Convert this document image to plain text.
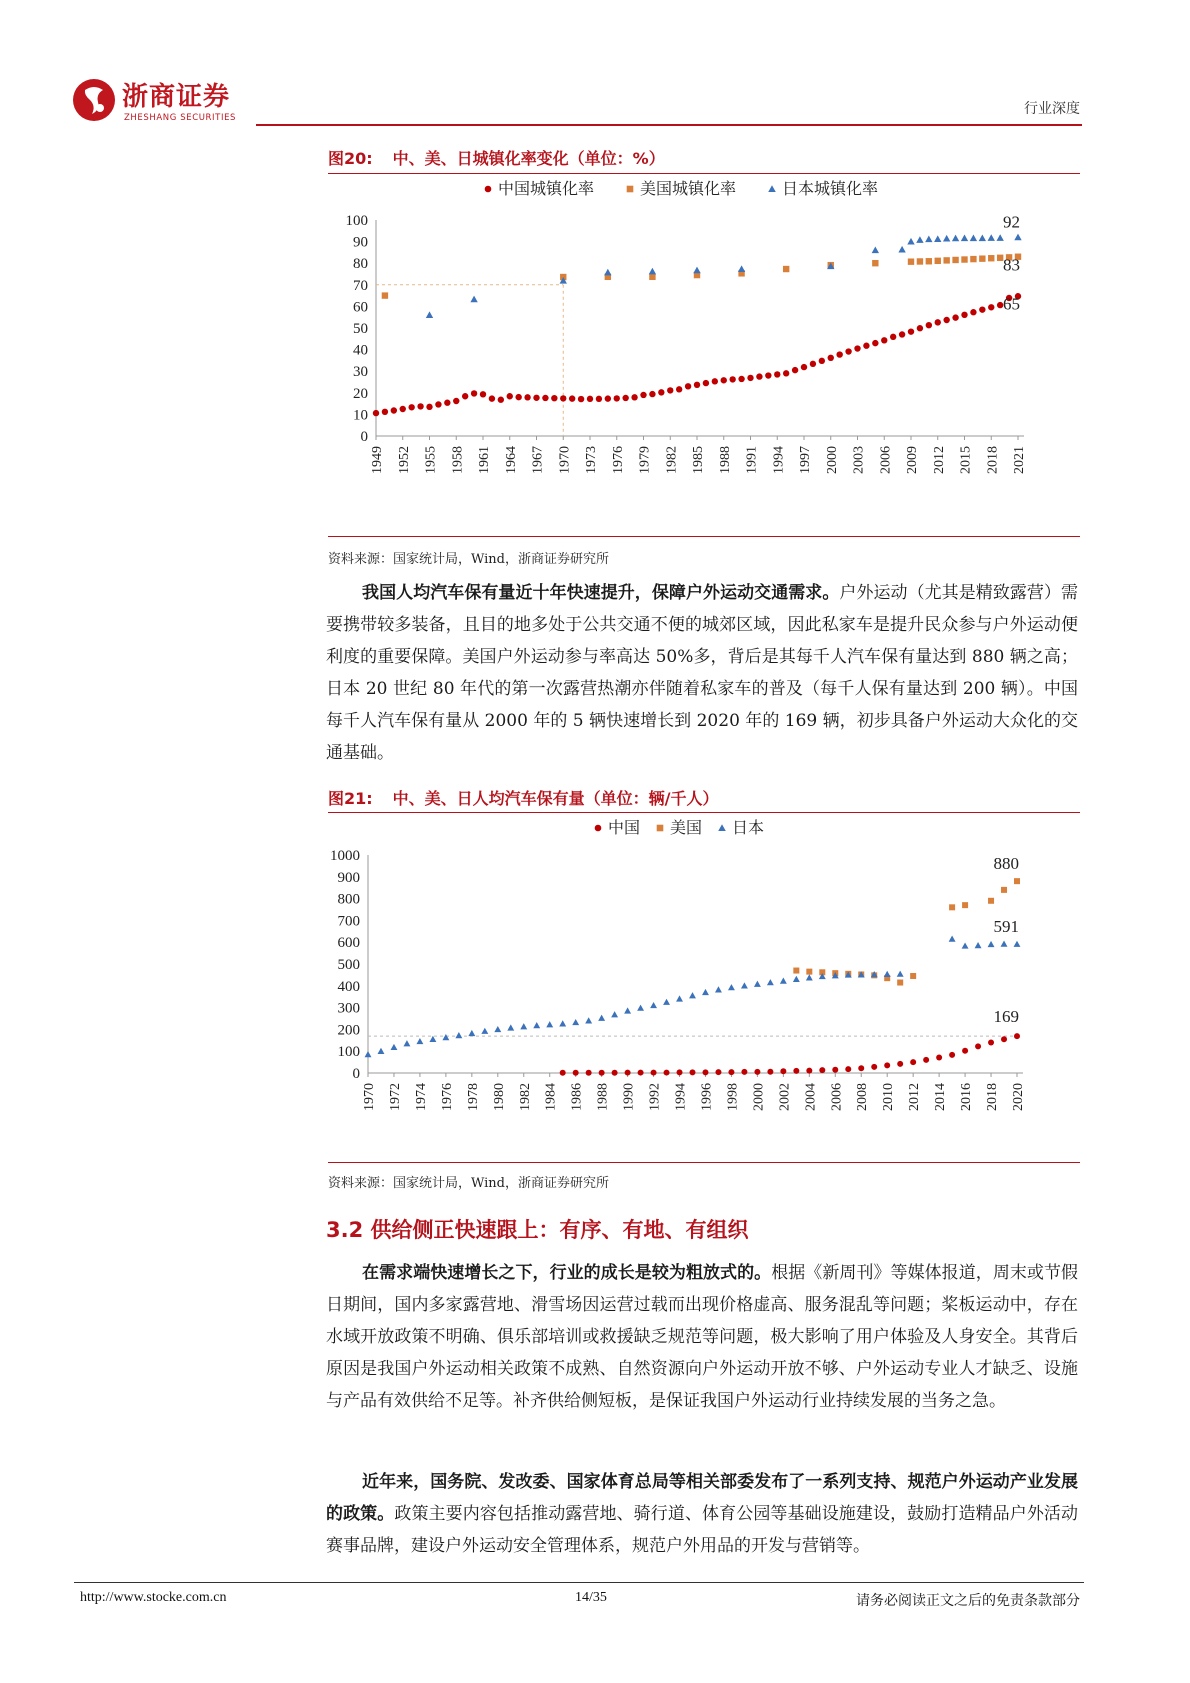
浙商证券
ZHESHANG SECURITIES
行业深度
图20: 中、美、日城镇化率变化（单位：%）
中国城镇化率	美国城镇化率	日本城镇化率
0
10
20
30
40
50
60
70
80
90
100
1949 1952 1955 1958 1961 1964 1967 1970 1973 1976 1979 1982 1985 1988 1991 1994 1997 2000 2003 2006 2009 2012 2015 2018 2021
92
83
65
资料来源：国家统计局，Wind，浙商证券研究所
我国人均汽车保有量近十年快速提升，保障户外运动交通需求。户外运动（尤其是精致露营）需要携带较多装备，且目的地多处于公共交通不便的城郊区域，因此私家车是提升民众参与户外运动便利度的重要保障。美国户外运动参与率高达 50%多，背后是其每千人汽车保有量达到 880 辆之高；日本 20 世纪 80 年代的第一次露营热潮亦伴随着私家车的普及（每千人保有量达到 200 辆）。中国每千人汽车保有量从 2000 年的 5 辆快速增长到 2020 年的 169 辆，初步具备户外运动大众化的交通基础。
图21: 中、美、日人均汽车保有量（单位：辆/千人）
中国 美国 日本
0
100
200
300
400
500
600
700
800
900
1000
1970 1972 1974 1976 1978 1980 1982 1984 1986 1988 1990 1992 1994 1996 1998 2000 2002 2004 2006 2008 2010 2012 2014 2016 2018 2020
880
591
169
资料来源：国家统计局，Wind，浙商证券研究所
3.2 供给侧正快速跟上：有序、有地、有组织
在需求端快速增长之下，行业的成长是较为粗放式的。根据《新周刊》等媒体报道，周末或节假日期间，国内多家露营地、滑雪场因运营过载而出现价格虚高、服务混乱等问题；桨板运动中，存在水域开放政策不明确、俱乐部培训或救援缺乏规范等问题，极大影响了用户体验及人身安全。其背后原因是我国户外运动相关政策不成熟、自然资源向户外运动开放不够、户外运动专业人才缺乏、设施与产品有效供给不足等。补齐供给侧短板，是保证我国户外运动行业持续发展的当务之急。
近年来，国务院、发改委、国家体育总局等相关部委发布了一系列支持、规范户外运动产业发展的政策。政策主要内容包括推动露营地、骑行道、体育公园等基础设施建设，鼓励打造精品户外活动赛事品牌，建设户外运动安全管理体系，规范户外用品的开发与营销等。
http://www.stocke.com.cn	14/35	请务必阅读正文之后的免责条款部分
